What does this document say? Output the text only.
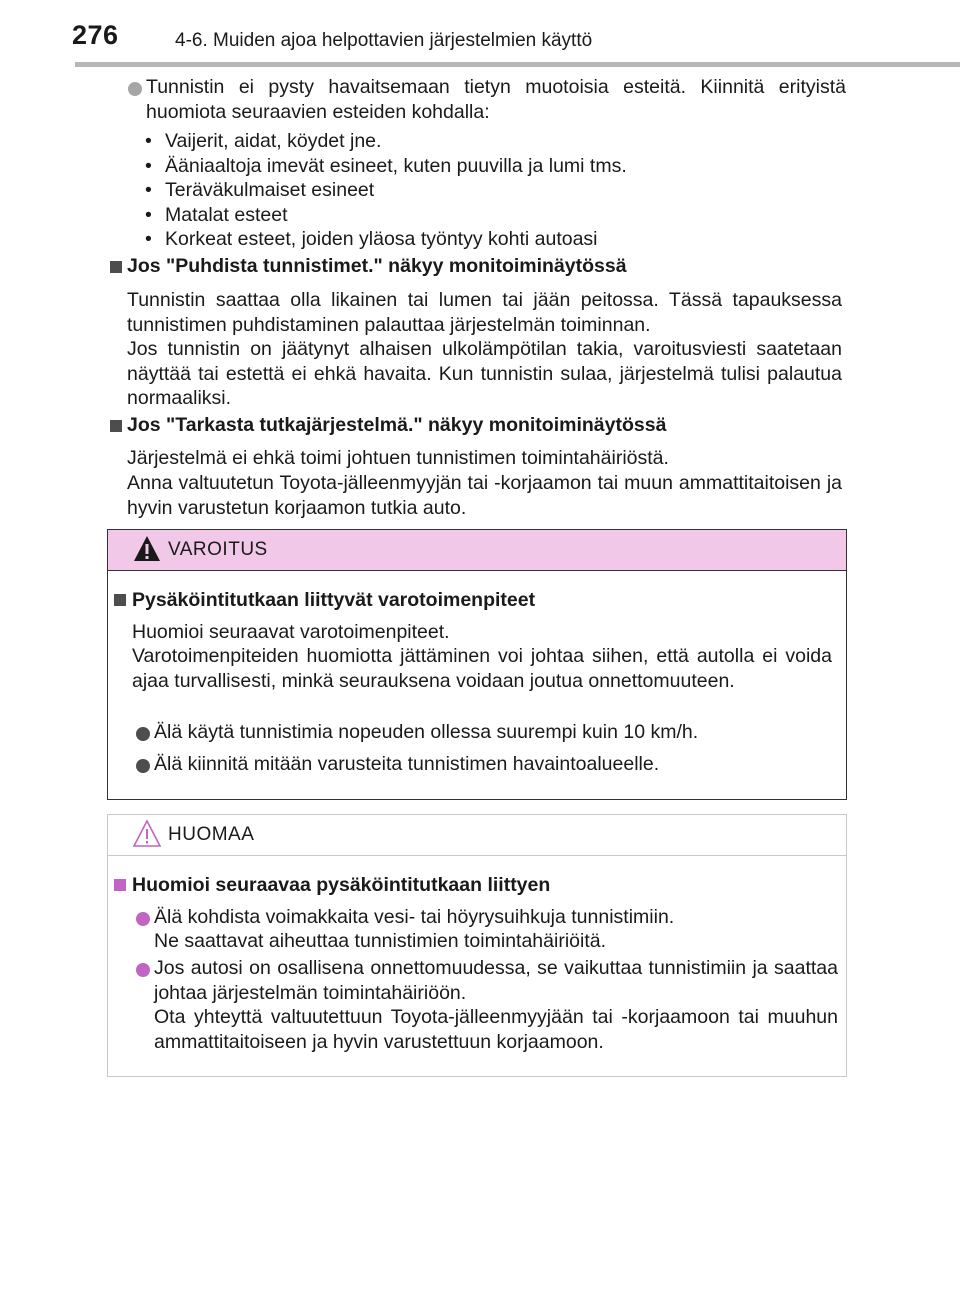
276	4-6. Muiden ajoa helpottavien järjestelmien käyttö
Tunnistin ei pysty havaitsemaan tietyn muotoisia esteitä. Kiinnitä erityistä huomiota seuraavien esteiden kohdalla:
• Vaijerit, aidat, köydet jne.
• Ääniaaltoja imevät esineet, kuten puuvilla ja lumi tms.
• Teräväkulmaiset esineet
• Matalat esteet
• Korkeat esteet, joiden yläosa työntyy kohti autoasi
Jos "Puhdista tunnistimet." näkyy monitoiminäytössä
Tunnistin saattaa olla likainen tai lumen tai jään peitossa. Tässä tapauksessa tunnistimen puhdistaminen palauttaa järjestelmän toiminnan.
Jos tunnistin on jäätynyt alhaisen ulkolämpötilan takia, varoitusviesti saatetaan näyttää tai estettä ei ehkä havaita. Kun tunnistin sulaa, järjestelmä tulisi palautua normaaliksi.
Jos "Tarkasta tutkajärjestelmä." näkyy monitoiminäytössä
Järjestelmä ei ehkä toimi johtuen tunnistimen toimintahäiriöstä.
Anna valtuutetun Toyota-jälleenmyyjän tai -korjaamon tai muun ammattitaitoisen ja hyvin varustetun korjaamon tutkia auto.
VAROITUS
Pysäköintitutkaan liittyvät varotoimenpiteet
Huomioi seuraavat varotoimenpiteet.
Varotoimenpiteiden huomiotta jättäminen voi johtaa siihen, että autolla ei voida ajaa turvallisesti, minkä seurauksena voidaan joutua onnettomuuteen.
Älä käytä tunnistimia nopeuden ollessa suurempi kuin 10 km/h.
Älä kiinnitä mitään varusteita tunnistimen havaintoalueelle.
HUOMAA
Huomioi seuraavaa pysäköintitutkaan liittyen
Älä kohdista voimakkaita vesi- tai höyrysuihkuja tunnistimiin.
Ne saattavat aiheuttaa tunnistimien toimintahäiriöitä.
Jos autosi on osallisena onnettomuudessa, se vaikuttaa tunnistimiin ja saattaa johtaa järjestelmän toimintahäiriöön.
Ota yhteyttä valtuutettuun Toyota-jälleenmyyjään tai -korjaamoon tai muuhun ammattitaitoiseen ja hyvin varustettuun korjaamoon.
